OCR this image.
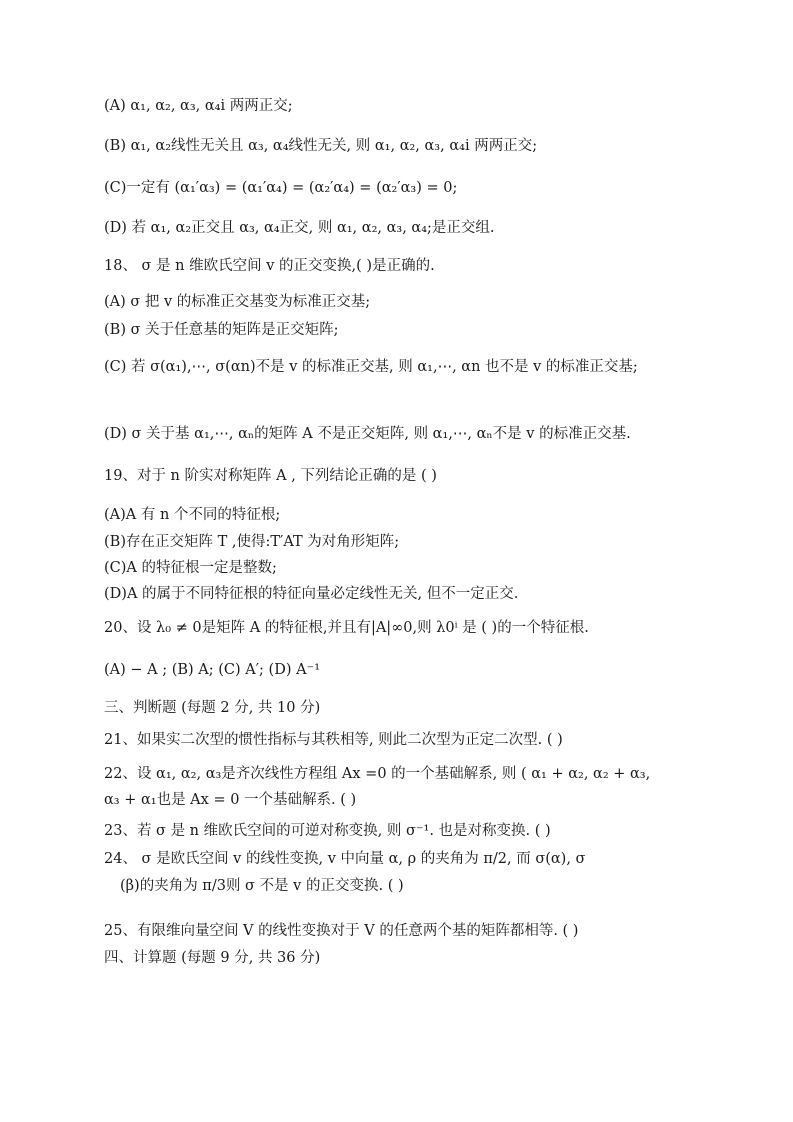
(A) α₁, α₂, α₃, α₄i 两两正交;
(B) α₁, α₂线性无关且 α₃, α₄线性无关, 则 α₁, α₂, α₃, α₄i 两两正交;
(C)一定有 (α₁′α₃) = (α₁′α₄) = (α₂′α₄) = (α₂′α₃) = 0;
(D) 若 α₁, α₂正交且 α₃, α₄正交, 则 α₁, α₂, α₃, α₄;是正交组.
18、 σ 是 n 维欧氏空间 v 的正交变换,( )是正确的.
(A) σ 把 v 的标准正交基变为标准正交基;
(B) σ 关于任意基的矩阵是正交矩阵;
(C) 若 σ(α₁),⋯, σ(αn)不是 v 的标准正交基, 则 α₁,⋯, αn 也不是 v 的标准正交基;
(D) σ 关于基 α₁,⋯, αₙ的矩阵 A 不是正交矩阵, 则 α₁,⋯, αₙ不是 v 的标准正交基.
19、对于 n 阶实对称矩阵 A , 下列结论正确的是 ( )
(A)A 有 n 个不同的特征根;
(B)存在正交矩阵 T ,使得:T′AT 为对角形矩阵;
(C)A 的特征根一定是整数;
(D)A 的属于不同特征根的特征向量必定线性无关, 但不一定正交.
20、设 λ₀ ≠ 0是矩阵 A 的特征根,并且有|A|∞0,则 λ0ⁱ 是 ( )的一个特征根.
(A) − A ; (B) A; (C) A′; (D) A⁻¹
三、判断题 (每题 2 分, 共 10 分)
21、如果实二次型的惯性指标与其秩相等, 则此二次型为正定二次型. ( )
22、设 α₁, α₂, α₃是齐次线性方程组 Ax =0 的一个基础解系, 则 ( α₁ + α₂, α₂ + α₃,
α₃ + α₁也是 Ax = 0 一个基础解系. ( )
23、若 σ 是 n 维欧氏空间的可逆对称变换, 则 σ⁻¹. 也是对称变换. ( )
24、 σ 是欧氏空间 v 的线性变换, v 中向量 α, ρ 的夹角为 π/2, 而 σ(α), σ
(β)的夹角为 π/3则 σ 不是 v 的正交变换. ( )
25、有限维向量空间 V 的线性变换对于 V 的任意两个基的矩阵都相等. ( )
四、计算题 (每题 9 分, 共 36 分)
